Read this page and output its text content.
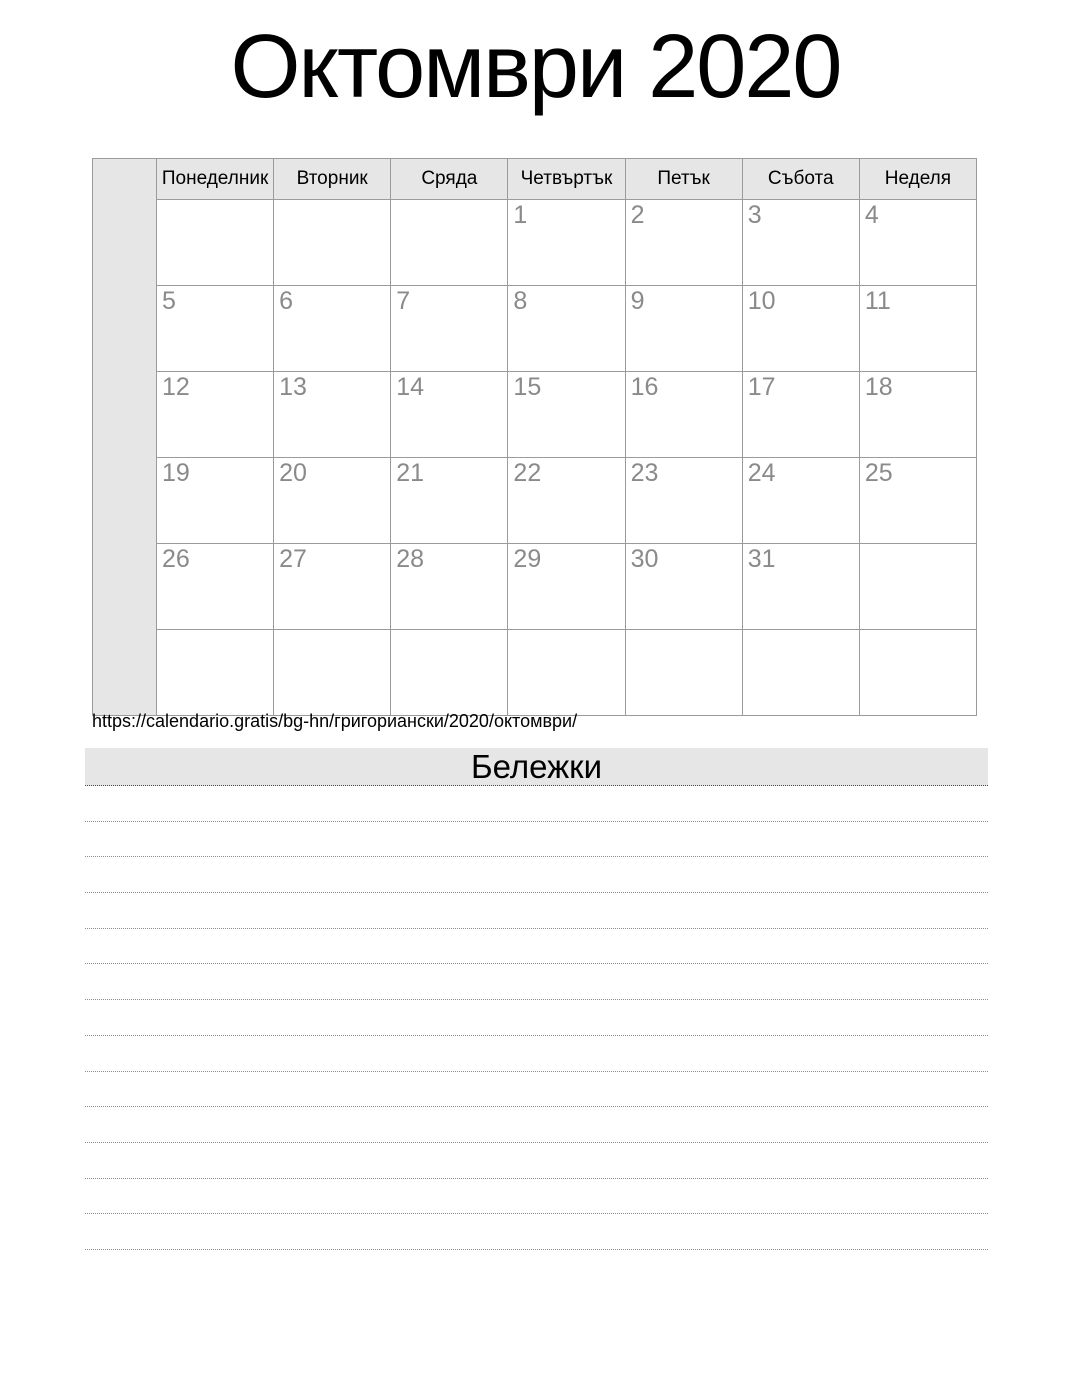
Октомври 2020
	Понеделник	Вторник	Сряда	Четвъртък	Петък	Събота	Неделя
				1	2	3	4
	5	6	7	8	9	10	11
	12	13	14	15	16	17	18
	19	20	21	22	23	24	25
	26	27	28	29	30	31	

https://calendario.gratis/bg-hn/григориански/2020/октомври/
Бележки
